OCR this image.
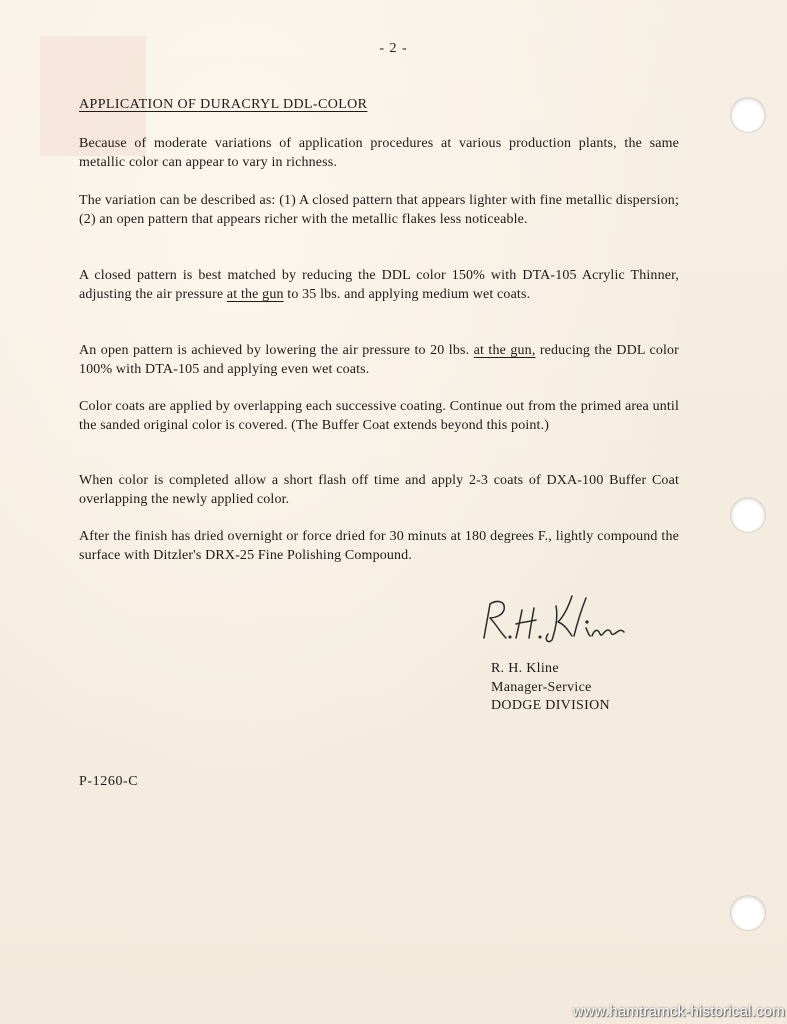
- 2 -
APPLICATION OF DURACRYL DDL-COLOR
Because of moderate variations of application procedures at various production plants, the same metallic color can appear to vary in richness.
The variation can be described as: (1) A closed pattern that appears lighter with fine metallic dispersion; (2) an open pattern that appears richer with the metallic flakes less noticeable.
A closed pattern is best matched by reducing the DDL color 150% with DTA-105 Acrylic Thinner, adjusting the air pressure at the gun to 35 lbs. and applying medium wet coats.
An open pattern is achieved by lowering the air pressure to 20 lbs. at the gun, reducing the DDL color 100% with DTA-105 and applying even wet coats.
Color coats are applied by overlapping each successive coating. Continue out from the primed area until the sanded original color is covered. (The Buffer Coat extends beyond this point.)
When color is completed allow a short flash off time and apply 2-3 coats of DXA-100 Buffer Coat overlapping the newly applied color.
After the finish has dried overnight or force dried for 30 minuts at 180 degrees F., lightly compound the surface with Ditzler's DRX-25 Fine Polishing Compound.
R. H. Kline
Manager-Service
DODGE DIVISION
P-1260-C
www.hamtramck-historical.com
